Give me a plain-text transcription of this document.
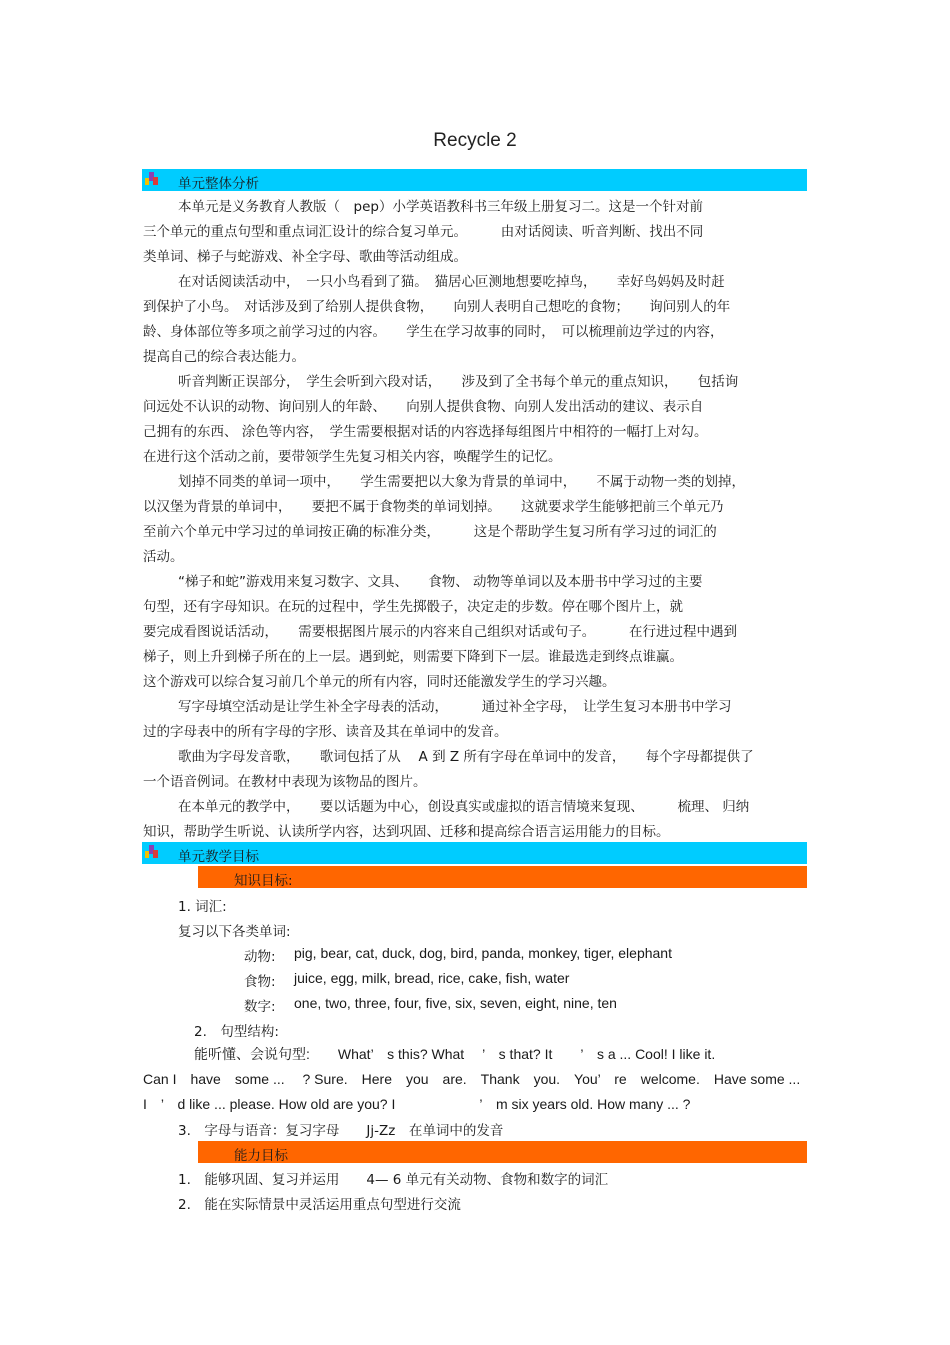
Recycle 2
单元整体分析
本单元是义务教育人教版（　pep）小学英语教科书三年级上册复习二。这是一个针对前
三个单元的重点句型和重点词汇设计的综合复习单元。　　　由对话阅读、听音判断、找出不同
类单词、梯子与蛇游戏、补全字母、歌曲等活动组成。
在对话阅读活动中，　一只小鸟看到了猫。　猫居心叵测地想要吃掉鸟，　　幸好鸟妈妈及时赶
到保护了小鸟。　对话涉及到了给别人提供食物，　　向别人表明自己想吃的食物；　　询问别人的年
龄、身体部位等多项之前学习过的内容。　　学生在学习故事的同时，　可以梳理前边学过的内容，
提高自己的综合表达能力。
听音判断正误部分，　学生会听到六段对话，　　涉及到了全书每个单元的重点知识，　　包括询
问远处不认识的动物、询问别人的年龄、　　向别人提供食物、向别人发出活动的建议、表示自
己拥有的东西、 涂色等内容，　学生需要根据对话的内容选择每组图片中相符的一幅打上对勾。
在进行这个活动之前，要带领学生先复习相关内容，唤醒学生的记忆。
划掉不同类的单词一项中，　　学生需要把以大象为背景的单词中，　　不属于动物一类的划掉，
以汉堡为背景的单词中，　　要把不属于食物类的单词划掉。　　这就要求学生能够把前三个单元乃
至前六个单元中学习过的单词按正确的标准分类，　　　这是个帮助学生复习所有学习过的词汇的
活动。
“梯子和蛇”游戏用来复习数字、文具、　　食物、 动物等单词以及本册书中学习过的主要
句型，还有字母知识。在玩的过程中，学生先掷骰子，决定走的步数。停在哪个图片上，就
要完成看图说话活动，　　需要根据图片展示的内容来自己组织对话或句子。　　　在行进过程中遇到
梯子，则上升到梯子所在的上一层。遇到蛇，则需要下降到下一层。谁最选走到终点谁赢。
这个游戏可以综合复习前几个单元的所有内容，同时还能激发学生的学习兴趣。
写字母填空活动是让学生补全字母表的活动，　　　通过补全字母，　让学生复习本册书中学习
过的字母表中的所有字母的字形、读音及其在单词中的发音。
歌曲为字母发音歌，　　歌词包括了从　 A 到 Z 所有字母在单词中的发音，　　每个字母都提供了
一个语音例词。在教材中表现为该物品的图片。
在本单元的教学中，　　要以话题为中心，创设真实或虚拟的语言情境来复现、　　　梳理、 归纳
知识，帮助学生听说、认读所学内容，达到巩固、迁移和提高综合语言运用能力的目标。
单元教学目标
知识目标:
1. 词汇:
复习以下各类单词:
动物: pig, bear, cat, duck, dog, bird, panda, monkey, tiger, elephant
食物: juice, egg, milk, bread, rice, cake, fish, water
数字: one, two, three, four, five, six, seven, eight, nine, ten
2.　句型结构:
能听懂、会说句型:　　What’　s this? What　 ’　s that? It　　’　s a ... Cool! I like it.
Can I　have　some ...　 ? Sure.　Here　you　are.　Thank　you.　You’　re　welcome.　Have some ...
I　’　d like ... please. How old are you? I　　　　　　’　m six years old. How many ... ?
3.　字母与语音：复习字母　　Jj-Zz　在单词中的发音
能力目标
1.　能够巩固、复习并运用　　4— 6 单元有关动物、食物和数字的词汇
2.　能在实际情景中灵活运用重点句型进行交流
